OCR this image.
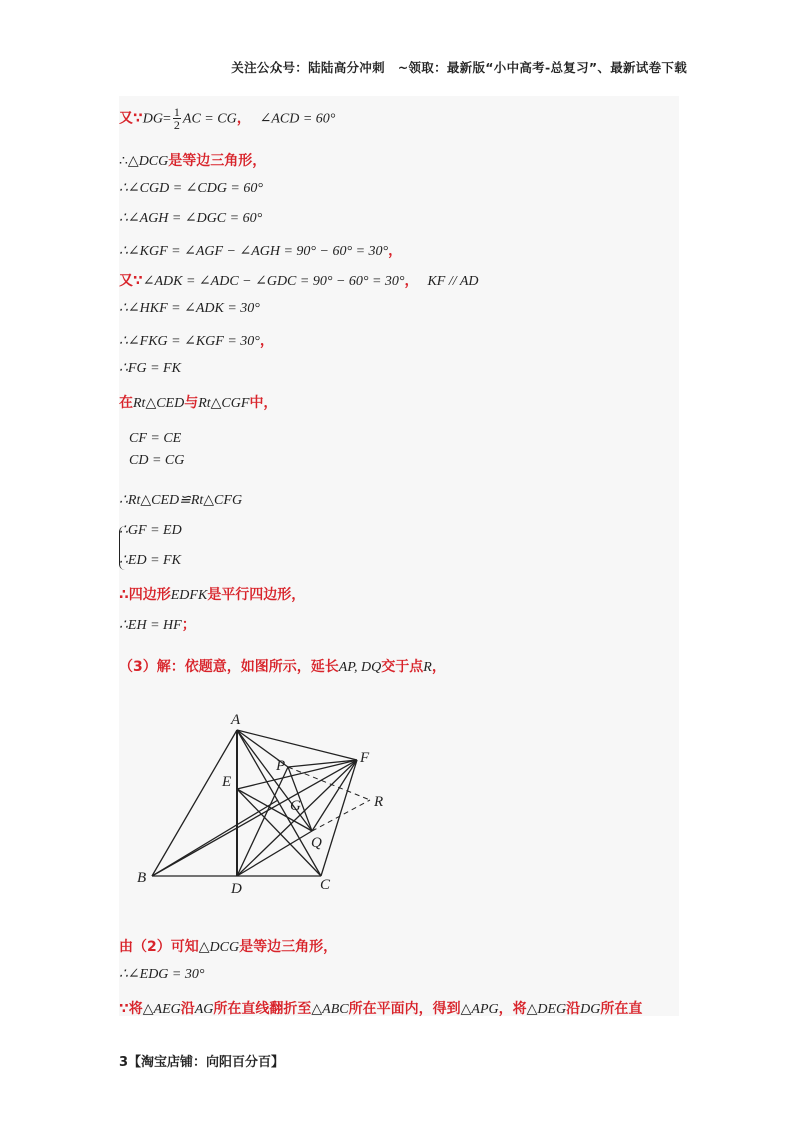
关注公众号：陆陆高分冲刺　~领取：最新版“小中高考-总复习”、最新试卷下载
又∵DG= $\frac{1}{2}$ AC = CG， ∠ACD = 60°
∴△DCG是等边三角形，
∴∠CGD = ∠CDG = 60°
∴∠AGH = ∠DGC = 60°
∴∠KGF = ∠AGF − ∠AGH = 90° − 60° = 30°，
又∵∠ADK = ∠ADC − ∠GDC = 90° − 60° = 30°， KF // AD
∴∠HKF = ∠ADK = 30°
∴∠FKG = ∠KGF = 30°，
∴FG = FK
在Rt△CED与Rt△CGF中，
CF = CE
CD = CG
∴Rt△CED≌Rt△CFG
∴GF = ED
∴ED = FK
∴四边形EDFK是平行四边形，
∴EH = HF；
（3）解：依题意，如图所示，延长AP, DQ交于点R，
由（2）可知△DCG是等边三角形，
∴∠EDG = 30°
∵将△AEG沿AG所在直线翻折至△ABC所在平面内，得到△APG，将△DEG沿DG所在直
A
B	C
D
E
F
G
P
Q
R
3【淘宝店铺：向阳百分百】
